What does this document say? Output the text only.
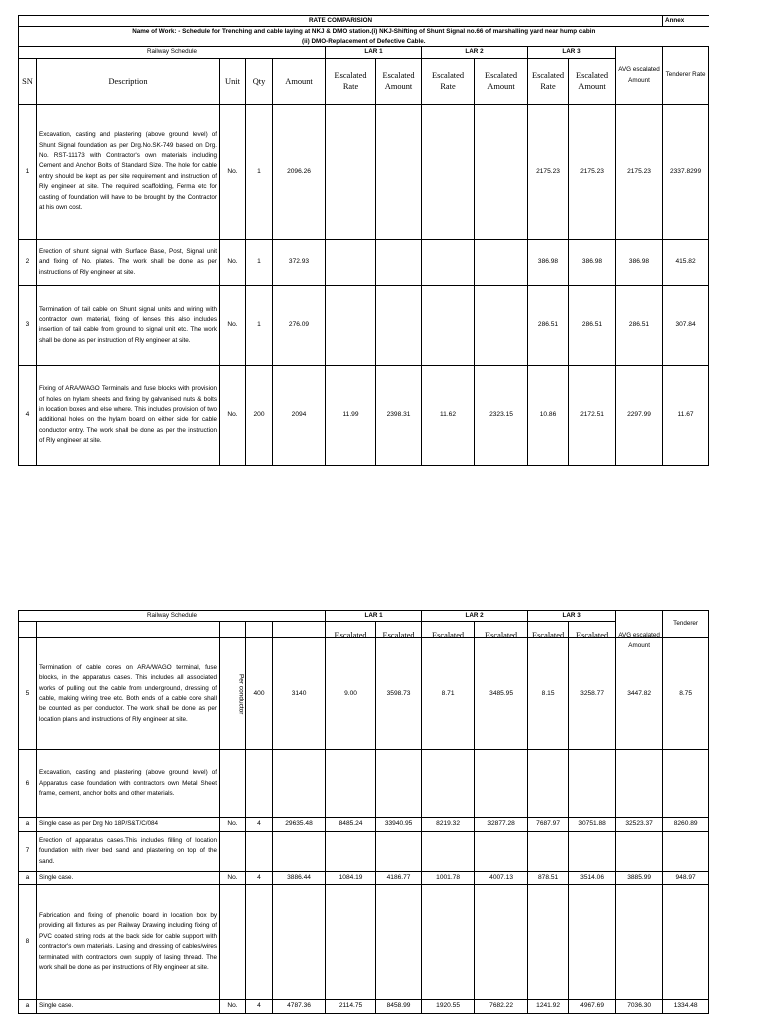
RATE COMPARISION												Annex

Name of Work: - Schedule for Trenching and cable laying at NKJ & DMO station.(i) NKJ-Shifting of Shunt Signal no.66 of marshalling yard near hump cabin
(ii) DMO-Replacement of Defective Cable.												

Railway Schedule					LAR 1		LAR 2		LAR 3		AVG escalated Amount	Tenderer Rate
SN	Description	Unit	Qty	Amount	Escalated Rate	Escalated Amount	Escalated Rate	Escalated Amount	Escalated Rate	Escalated Amount		
1	Excavation, casting and plastering (above ground level) of Shunt Signal foundation as per Drg.No.SK-749 based on Drg. No. RST-11173 with Contractor's own materials including Cement and Anchor Bolts of Standard Size. The hole for cable entry should be kept as per site requirement and instruction of Rly engineer at site. The required scaffolding, Ferma etc for casting of foundation will have to be brought by the Contractor at his own cost.	No.	1	2096.26					2175.23	2175.23	2175.23	2337.8299
2	Erection of shunt signal with Surface Base, Post, Signal unit and fixing of No. plates. The work shall be done as per instructions of Rly engineer at site.	No.	1	372.93					386.98	386.98	386.98	415.82
3	Termination of tail cable on Shunt signal units and wiring with contractor own material, fixing of lenses this also includes insertion of tail cable from ground to signal unit etc. The work shall be done as per instruction of Rly engineer at site.	No.	1	276.09					286.51	286.51	286.51	307.84
4	Fixing of ARA/WAGO Terminals and fuse blocks with provision of holes on hylam sheets and fixing by galvanised nuts & bolts in location boxes and else where. This includes provision of two additional holes on the hylam board on either side for cable conductor entry. The work shall be done as per the instruction of Rly engineer at site.	No.	200	2094	11.99	2398.31	11.62	2323.15	10.86	2172.51	2297.99	11.67
Railway Schedule					LAR 1		LAR 2		LAR 3		AVG escalated Amount	Tenderer

					Escalated	Escalated	Escalated	Escalated	Escalated	Escalated		

5	Termination of cable cores on ARA/WAGO terminal, fuse blocks, in the apparatus cases. This includes all associated works of pulling out the cable from underground, dressing of cable, making wiring tree etc. Both ends of a cable core shall be counted as per conductor. The work shall be done as per location plans and instructions of Rly engineer at site.	Per conductor	400	3140	9.00	3598.73	8.71	3485.95	8.15	3258.77	3447.82	8.75
6	Excavation, casting and plastering (above ground level) of Apparatus case foundation with contractors own Metal Sheet frame, cement, anchor bolts and other materials.											
a	Single case as per Drg No 18P/S&T/C/084	No.	4	29635.48	8485.24	33940.95	8219.32	32877.28	7687.97	30751.88	32523.37	8260.89
7	Erection of apparatus cases.This includes filling of location foundation with river bed sand and plastering on top of the sand.											
a	Single case.	No.	4	3886.44	1084.19	4186.77	1001.78	4007.13	878.51	3514.06	3885.99	948.97
8	Fabrication and fixing of phenolic board in location box by providing all fixtures as per Railway Drawing including fixing of PVC coated string rods at the back side for cable support with contractor's own materials. Lasing and dressing of cables/wires terminated with contractors own supply of lasing thread. The work shall be done as per instructions of Rly engineer at site.											
a	Single case.	No.	4	4787.36	2114.75	8458.99	1920.55	7682.22	1241.92	4967.69	7036.30	1334.48
